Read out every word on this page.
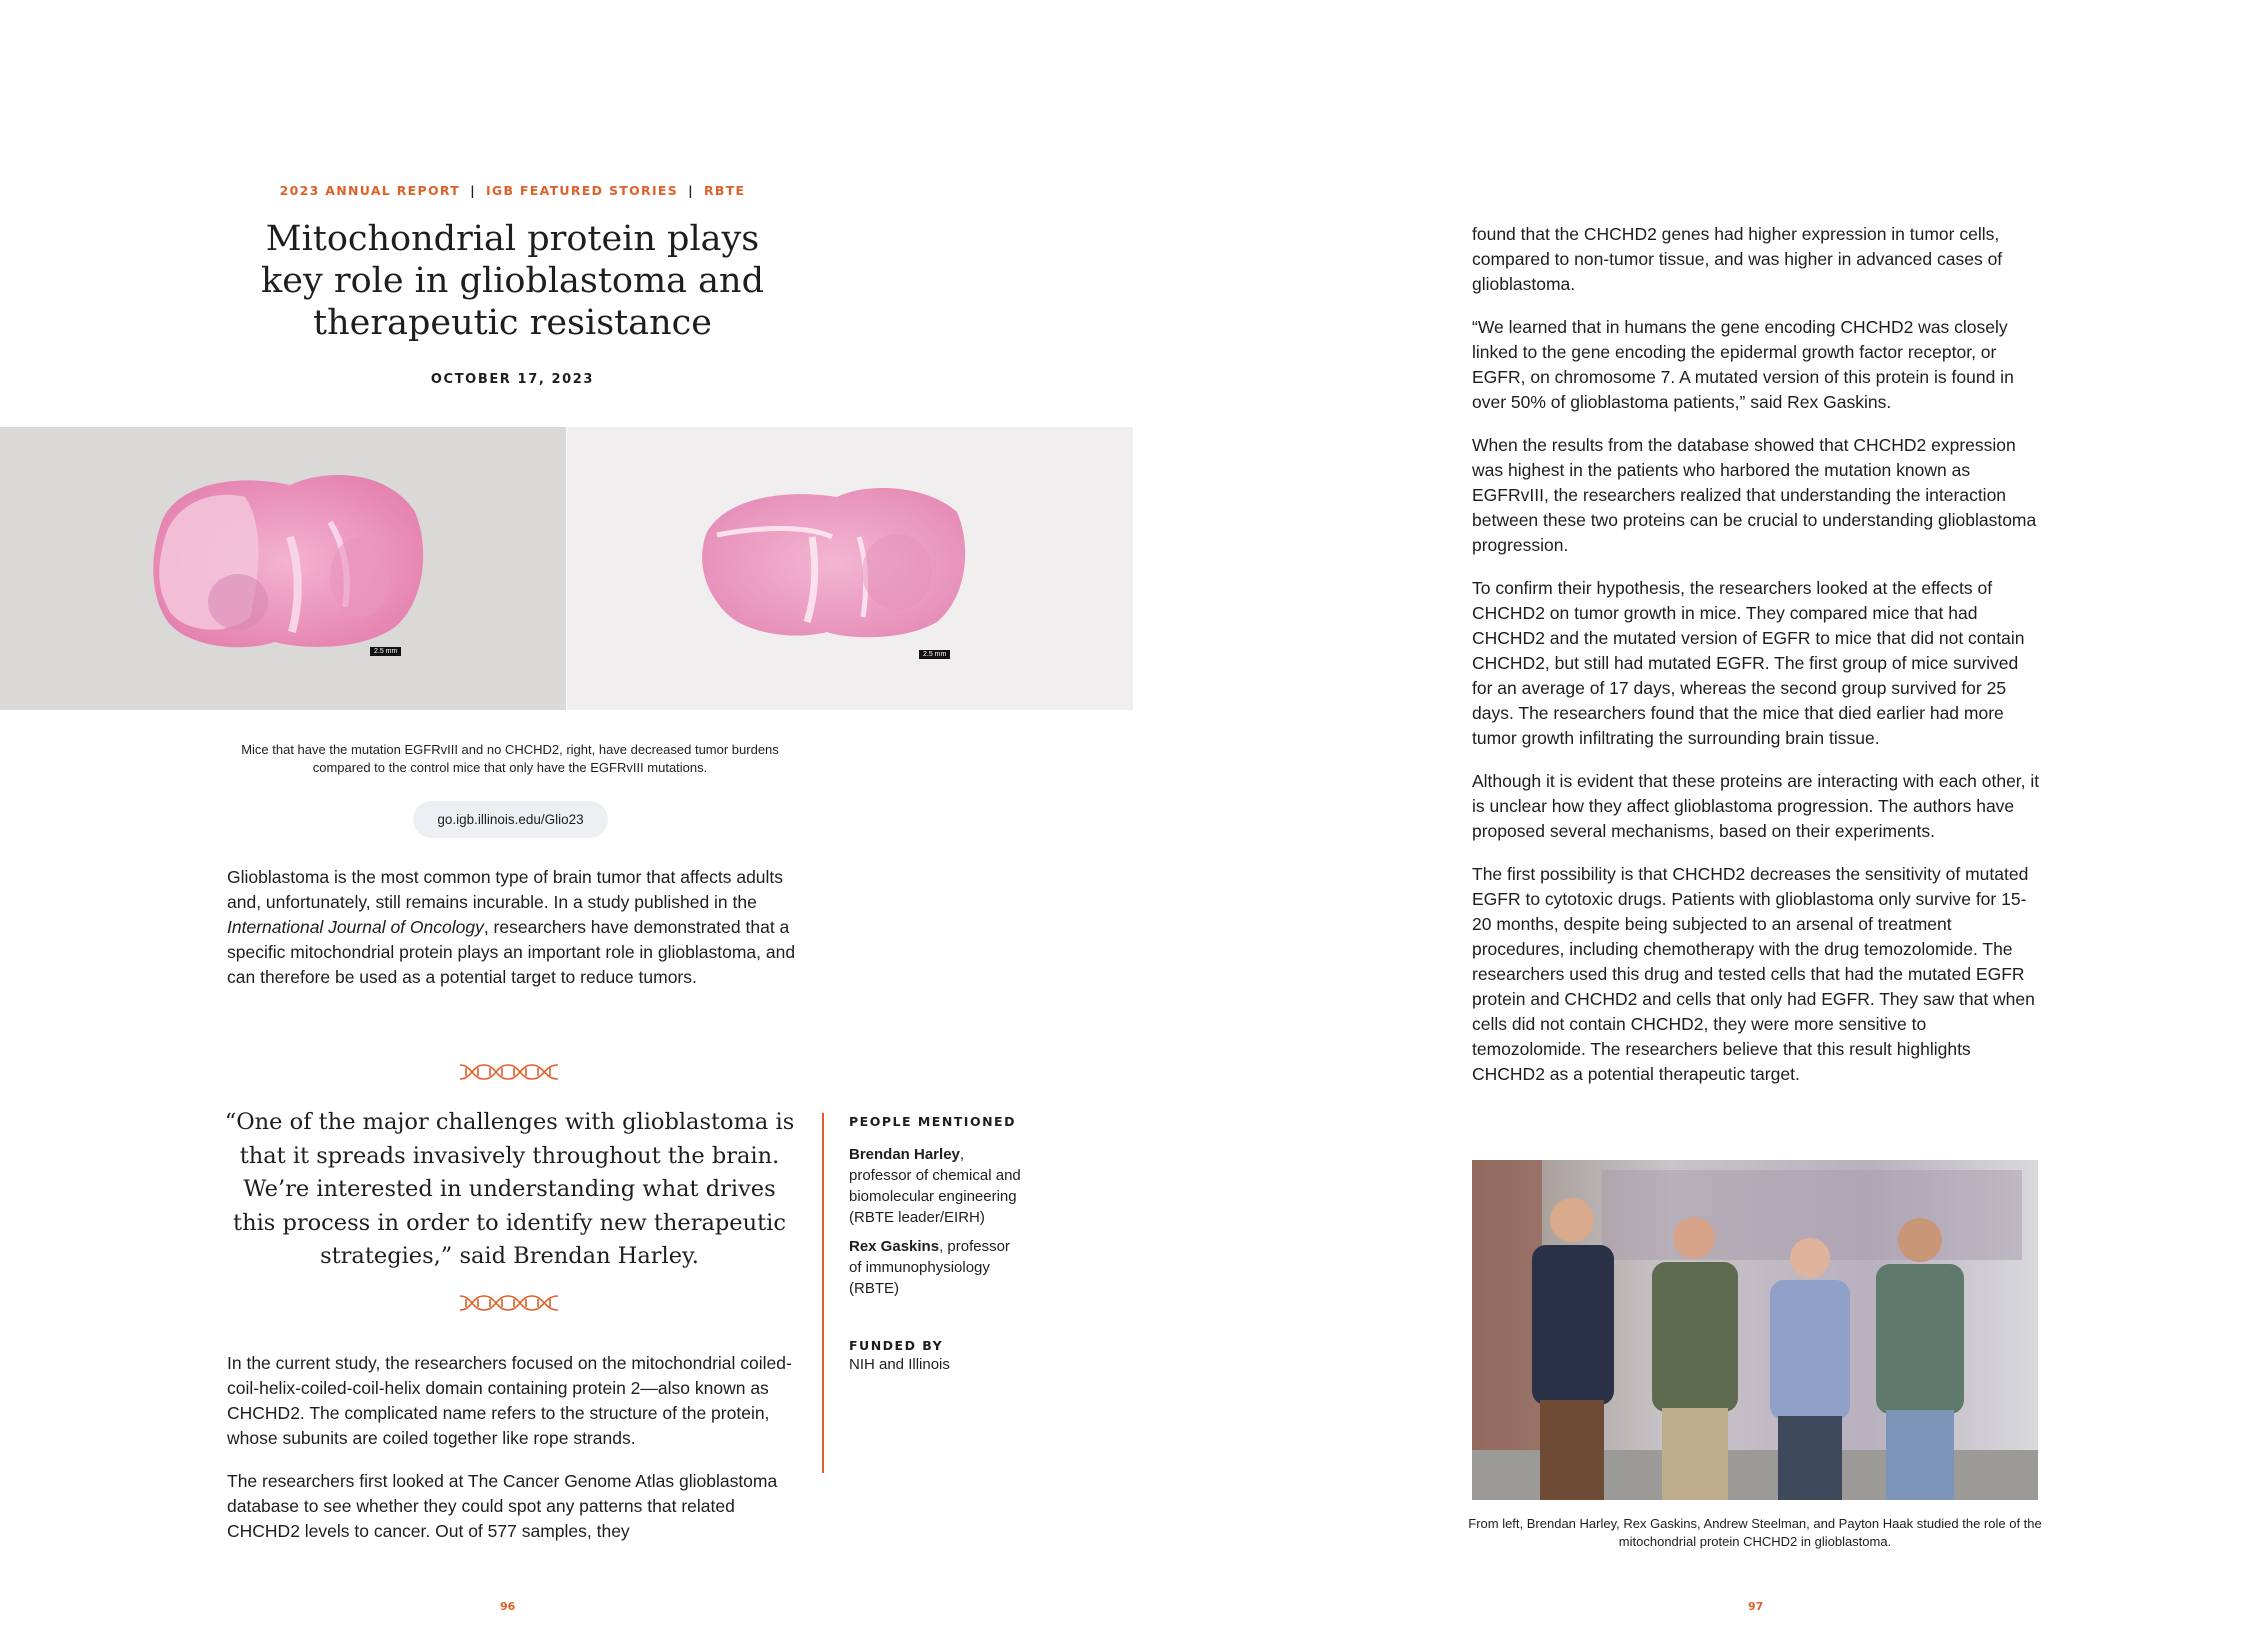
2023 ANNUAL REPORT | IGB FEATURED STORIES | RBTE
Mitochondrial protein plays key role in glioblastoma and therapeutic resistance
OCTOBER 17, 2023
2.5 mm	2.5 mm
Mice that have the mutation EGFRvIII and no CHCHD2, right, have decreased tumor burdens compared to the control mice that only have the EGFRvIII mutations.
go.igb.illinois.edu/Glio23

Glioblastoma is the most common type of brain tumor that affects adults and, unfortunately, still remains incurable. In a study published in the International Journal of Oncology, researchers have demonstrated that a specific mitochondrial protein plays an important role in glioblastoma, and can therefore be used as a potential target to reduce tumors.

“One of the major challenges with glioblastoma is that it spreads invasively throughout the brain. We’re interested in understanding what drives this process in order to identify new therapeutic strategies,” said Brendan Harley.
PEOPLE MENTIONED
Brendan Harley, professor of chemical and biomolecular engineering (RBTE leader/EIRH)
Rex Gaskins, professor of immunophysiology (RBTE)
FUNDED BY
NIH and Illinois

In the current study, the researchers focused on the mitochondrial coiled-coil-helix-coiled-coil-helix domain containing protein 2—also known as CHCHD2. The complicated name refers to the structure of the protein, whose subunits are coiled together like rope strands.

The researchers first looked at The Cancer Genome Atlas glioblastoma database to see whether they could spot any patterns that related CHCHD2 levels to cancer. Out of 577 samples, they

96

found that the CHCHD2 genes had higher expression in tumor cells, compared to non-tumor tissue, and was higher in advanced cases of glioblastoma.

“We learned that in humans the gene encoding CHCHD2 was closely linked to the gene encoding the epidermal growth factor receptor, or EGFR, on chromosome 7. A mutated version of this protein is found in over 50% of glioblastoma patients,” said Rex Gaskins.

When the results from the database showed that CHCHD2 expression was highest in the patients who harbored the mutation known as EGFRvIII, the researchers realized that understanding the interaction between these two proteins can be crucial to understanding glioblastoma progression.

To confirm their hypothesis, the researchers looked at the effects of CHCHD2 on tumor growth in mice. They compared mice that had CHCHD2 and the mutated version of EGFR to mice that did not contain CHCHD2, but still had mutated EGFR. The first group of mice survived for an average of 17 days, whereas the second group survived for 25 days. The researchers found that the mice that died earlier had more tumor growth infiltrating the surrounding brain tissue.

Although it is evident that these proteins are interacting with each other, it is unclear how they affect glioblastoma progression. The authors have proposed several mechanisms, based on their experiments.

The first possibility is that CHCHD2 decreases the sensitivity of mutated EGFR to cytotoxic drugs. Patients with glioblastoma only survive for 15-20 months, despite being subjected to an arsenal of treatment procedures, including chemotherapy with the drug temozolomide. The researchers used this drug and tested cells that had the mutated EGFR protein and CHCHD2 and cells that only had EGFR. They saw that when cells did not contain CHCHD2, they were more sensitive to temozolomide. The researchers believe that this result highlights CHCHD2 as a potential therapeutic target.

From left, Brendan Harley, Rex Gaskins, Andrew Steelman, and Payton Haak studied the role of the mitochondrial protein CHCHD2 in glioblastoma.
97
